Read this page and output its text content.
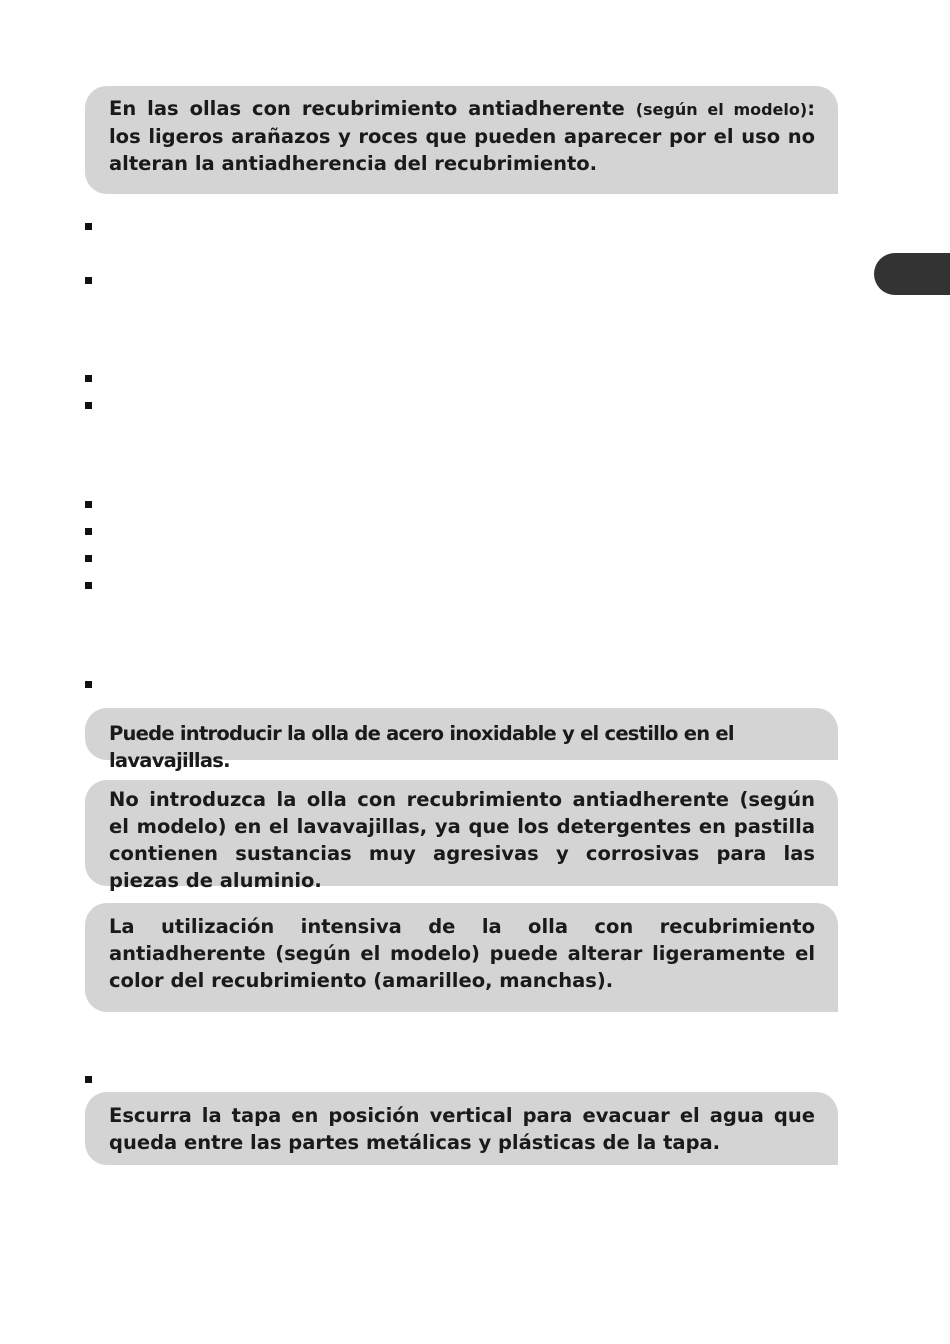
En las ollas con recubrimiento antiadherente (según el modelo): los ligeros arañazos y roces que pueden aparecer por el uso no alteran la antiadherencia del recubrimiento.
Puede introducir la olla de acero inoxidable y el cestillo en el lavavajillas.
No introduzca la olla con recubrimiento antiadherente (según el modelo) en el lavavajillas, ya que los detergentes en pastilla contienen sustancias muy agresivas y corrosivas para las piezas de aluminio.
La utilización intensiva de la olla con recubrimiento antiadherente (según el modelo) puede alterar ligeramente el color del recubrimiento (amarilleo, manchas).
Escurra la tapa en posición vertical para evacuar el agua que queda entre las partes metálicas y plásticas de la tapa.
